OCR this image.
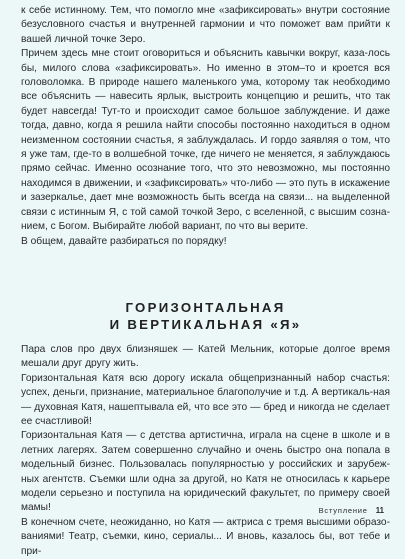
к себе истинному. Тем, что помогло мне «зафиксировать» внутри состояние безусловного счастья и внутренней гармонии и что поможет вам прийти к вашей личной точке Зеро.

Причем здесь мне стоит оговориться и объяснить кавычки вокруг, каза-лось бы, милого слова «зафиксировать». Но именно в этом–то и кроется вся головоломка. В природе нашего маленького ума, которому так необходимо все объяснить — навесить ярлык, выстроить концепцию и решить, что так будет навсегда! Тут-то и происходит самое большое заблуждение. И даже тогда, давно, когда я решила найти способы постоянно находиться в одном неизменном состоянии счастья, я заблуждалась. И гордо заявляя о том, что я уже там, где-то в волшебной точке, где ничего не меняется, я заблуждаюсь прямо сейчас. Именно осознание того, что это невозможно, мы постоянно находимся в движении, и «зафиксировать» что-либо — это путь в искажение и зазеркалье, дает мне возможность быть всегда на связи... на выделенной связи с истинным Я, с той самой точкой Зеро, с вселенной, с высшим созна-нием, с Богом. Выбирайте любой вариант, по что вы верите.

В общем, давайте разбираться по порядку!

ГОРИЗОНТАЛЬНАЯ

И ВЕРТИКАЛЬНАЯ «Я»

Пара слов про двух близняшек — Катей Мельник, которые долгое время мешали друг другу жить.

Горизонтальная Катя всю дорогу искала общепризнанный набор счастья: успех, деньги, признание, материальное благополучие и т.д. А вертикаль-ная — духовная Катя, нашептывала ей, что все это — бред и никогда не сделает ее счастливой!

Горизонтальная Катя — с детства артистична, играла на сцене в школе и в летних лагерях. Затем совершенно случайно и очень быстро она попала в модельный бизнес. Пользовалась популярностью у российских и зарубеж-ных агентств. Съемки шли одна за другой, но Катя не относилась к карьере модели серьезно и поступила на юридический факультет, по примеру своей мамы!

В конечном счете, неожиданно, но Катя — актриса с тремя высшими образо-ваниями! Театр, съемки, кино, сериалы... И вновь, казалось бы, вот тебе и при-

Вступление 11
